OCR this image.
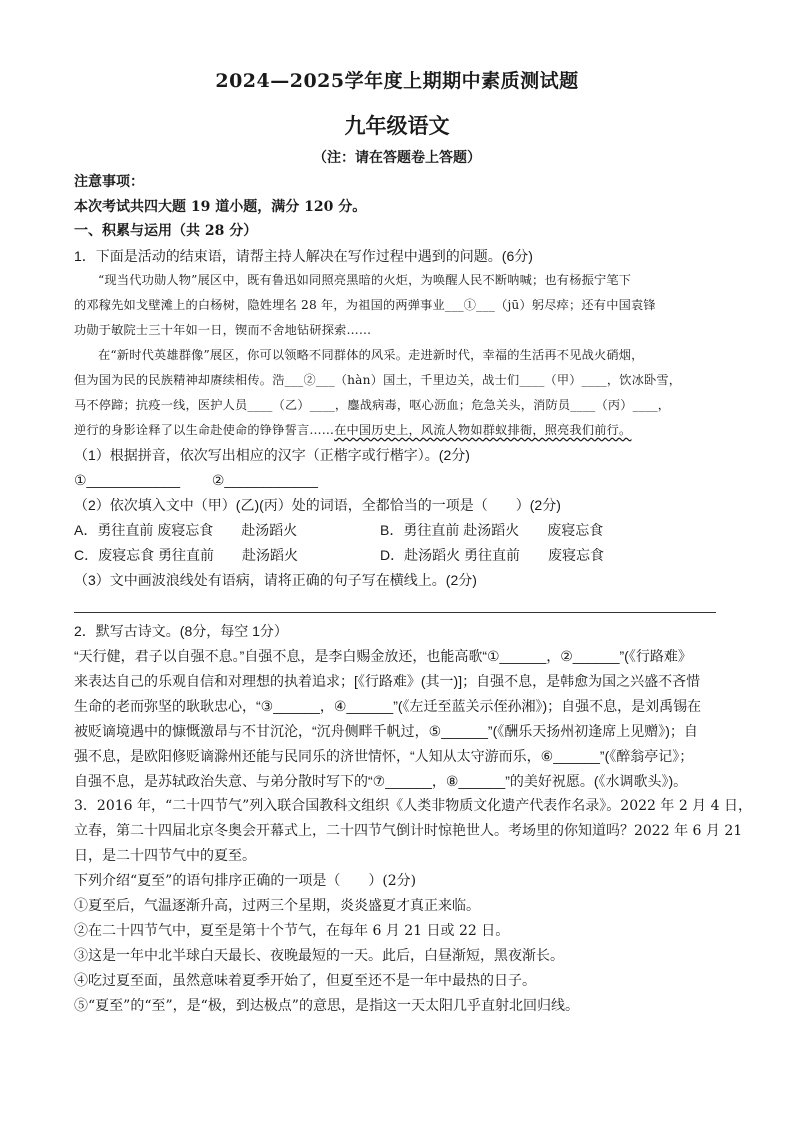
2024—2025学年度上期期中素质测试题
九年级语文
（注：请在答题卷上答题）
注意事项：
本次考试共四大题 19 道小题，满分 120 分。
一、积累与运用（共 28 分）
1．下面是活动的结束语，请帮主持人解决在写作过程中遇到的问题。(6分)
“现当代功勋人物”展区中，既有鲁迅如同照亮黑暗的火炬，为唤醒人民不断呐喊；也有杨振宁笔下
的邓稼先如戈壁滩上的白杨树，隐姓埋名 28 年，为祖国的两弹事业___①___（jū）躬尽瘁；还有中国袁锋
功勋于敏院士三十年如一日，锲而不舍地钻研探索……
在“新时代英雄群像”展区，你可以领略不同群体的风采。走进新时代，幸福的生活再不见战火硝烟，
但为国为民的民族精神却赓续相传。浩___②___（hàn）国土，千里边关，战士们____（甲）____，饮冰卧雪，
马不停蹄；抗疫一线，医护人员____（乙）____，鏖战病毒，呕心沥血；危急关头，消防员____（丙）____，
逆行的身影诠释了以生命赴使命的铮铮誓言……在中国历史上，风流人物如群蚁排衙，照亮我们前行。
（1）根据拼音，依次写出相应的汉字（正楷字或行楷字）。(2分)
①____________ 　　②____________
（2）依次填入文中（甲）(乙)(丙）处的词语，全都恰当的一项是（　　）(2分)
A．勇往直前 废寝忘食　　赴汤蹈火	B．勇往直前 赴汤蹈火　　废寝忘食
C．废寝忘食 勇往直前　　赴汤蹈火	D．赴汤蹈火 勇往直前　　废寝忘食
（3）文中画波浪线处有语病，请将正确的句子写在横线上。(2分)
2．默写古诗文。(8分，每空 1分）
“天行健，君子以自强不息。”自强不息，是李白赐金放还，也能高歌“①______，②______”(《行路难》
来表达自己的乐观自信和对理想的执着追求；[《行路难》(其一)]；自强不息，是韩愈为国之兴盛不吝惜
生命的老而弥坚的耿耿忠心，“③______，④______”(《左迁至蓝关示侄孙湘》)；自强不息，是刘禹锡在
被贬谪境遇中的慷慨激昂与不甘沉沦，“沉舟侧畔千帆过，⑤______”(《酬乐天扬州初逢席上见赠》)；自
强不息，是欧阳修贬谪滁州还能与民同乐的济世情怀，“人知从太守游而乐，⑥______”(《醉翁亭记》；
自强不息，是苏轼政治失意、与弟分散时写下的“⑦______，⑧______”的美好祝愿。(《水调歌头》)。
3．2016 年，“二十四节气”列入联合国教科文组织《人类非物质文化遗产代表作名录》。2022 年 2 月 4 日，
立春，第二十四届北京冬奥会开幕式上，二十四节气倒计时惊艳世人。考场里的你知道吗？2022 年 6 月 21
日，是二十四节气中的夏至。
下列介绍“夏至”的语句排序正确的一项是（　　）(2分)
①夏至后，气温逐渐升高，过两三个星期，炎炎盛夏才真正来临。
②在二十四节气中，夏至是第十个节气，在每年 6 月 21 日或 22 日。
③这是一年中北半球白天最长、夜晚最短的一天。此后，白昼渐短，黑夜渐长。
④吃过夏至面，虽然意味着夏季开始了，但夏至还不是一年中最热的日子。
⑤“夏至”的“至”，是“极，到达极点”的意思，是指这一天太阳几乎直射北回归线。
